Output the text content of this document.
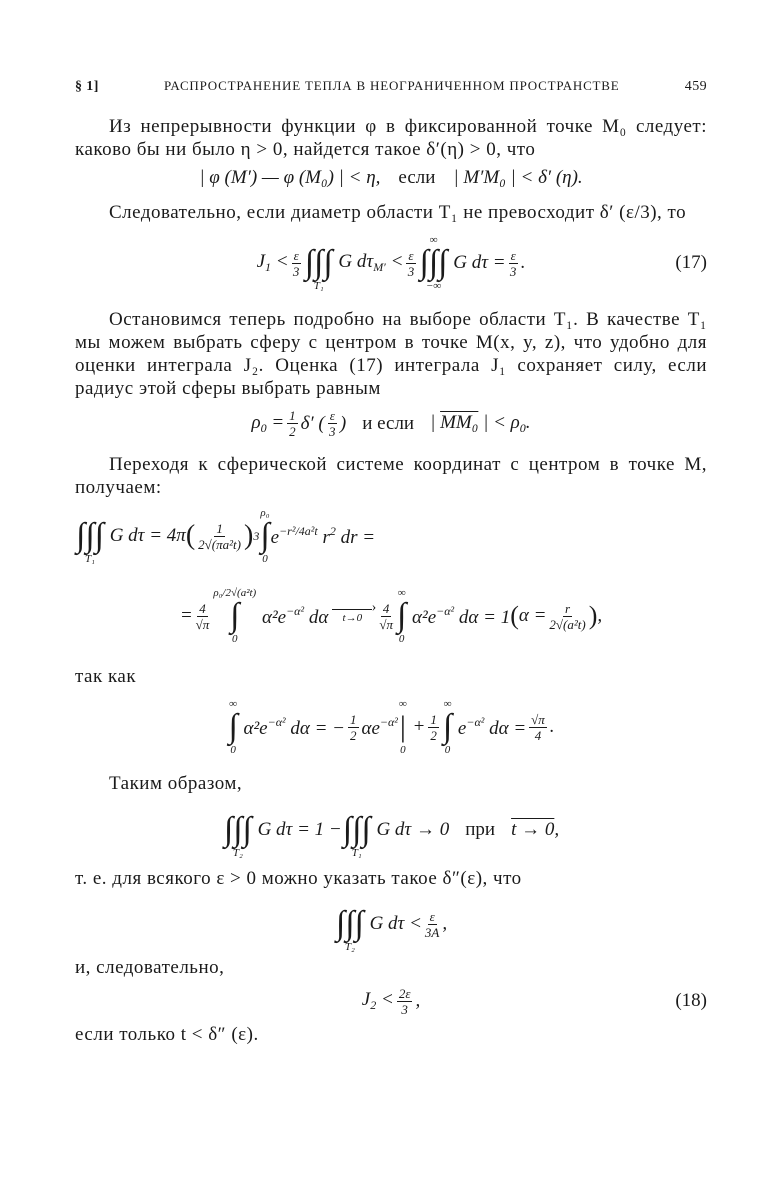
§ 1]	РАСПРОСТРАНЕНИЕ ТЕПЛА В НЕОГРАНИЧЕННОМ ПРОСТРАНСТВЕ	459

Из непрерывности функции φ в фиксированной точке M₀ следует: каково бы ни было η > 0, найдется такое δ′(η) > 0, что

| φ (M′) — φ (M₀) | < η, если | M′M₀ | < δ′ (η).

Следовательно, если диаметр области T₁ не превосходит δ′ (ε/3), то

$J_1 < \frac{\varepsilon}{3}$ ∫∫∫
T₁
G $d\tau_{M'} < \frac{\varepsilon}{3}$
∞
∫∫∫
−∞
G $d\tau = \frac{\varepsilon}{3}$ .	(17)

Остановимся теперь подробно на выборе области T₁. В качестве T₁ мы можем выбрать сферу с центром в точке M(x, y, z), что удобно для оценки интеграла J₂. Оценка (17) интеграла J₁ сохраняет силу, если радиус этой сферы выбрать равным

$\rho_0 = \frac{1}{2} \delta'$ ( $\frac{\varepsilon}{3}$ ) и если | MM₀ | < $\rho_0$.

Переходя к сферической системе координат с центром в точке M, получаем:

∫∫∫
T₁
G dτ = 4π ( $\frac{1}{\text{2√(πa²t)}}$ ) 3
ρ₀
∫
0
$e^{-r^2/4a^2t}$ $r^2$ dr =
= $\frac{4}{√\pi}$
ρ₀/2√(a²t)
∫
0
$\alpha^2e^{-\alpha^2}$ dα
› $t\to 0 \frac{4}{√\pi}$
∞
∫
0
$\alpha^2e^{-\alpha^2}$ dα = 1 ( $\alpha = \frac{r}{\text{2√(a²t)}}$ ) ,

так как

∞
∫
0
$\alpha^2e^{-\alpha^2}$ dα = − $\frac{1}{2} \alpha e^{-\alpha^2}$
∞
|
0
+ $\frac{1}{2}$
∞
∫
0
$e^{-\alpha^2}$ $d\alpha = \frac{√\pi}{4}$ .

Таким образом,

∫∫∫
T₂
G dτ = 1 − ∫∫∫
T₁
G dτ → 0 при t → 0,

т. е. для всякого ε > 0 можно указать такое δ″(ε), что

∫∫∫
T₂
G $d\tau < \frac{\varepsilon}{3A}$ ,

и, следовательно,

$J_2 < \frac{2\varepsilon}{3}$ ,	(18)

если только t < δ″ (ε).
